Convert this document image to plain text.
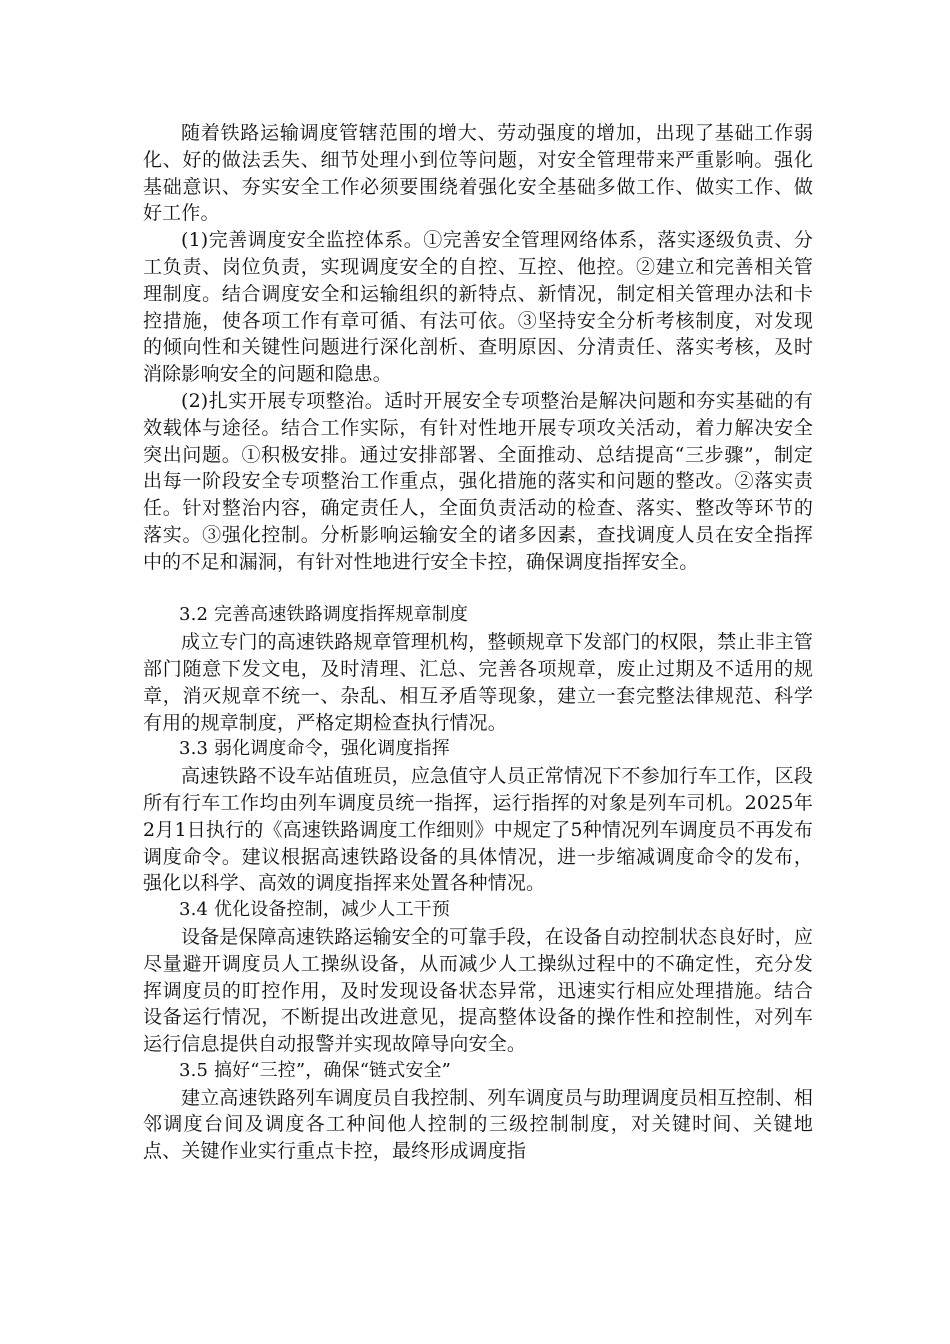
随着铁路运输调度管辖范围的增大、劳动强度的增加，出现了基础工作弱化、好的做法丢失、细节处理小到位等问题，对安全管理带来严重影响。强化基础意识、夯实安全工作必须要围绕着强化安全基础多做工作、做实工作、做好工作。

(1)完善调度安全监控体系。①完善安全管理网络体系，落实逐级负责、分工负责、岗位负责，实现调度安全的自控、互控、他控。②建立和完善相关管理制度。结合调度安全和运输组织的新特点、新情况，制定相关管理办法和卡控措施，使各项工作有章可循、有法可依。③坚持安全分析考核制度，对发现的倾向性和关键性问题进行深化剖析、查明原因、分清责任、落实考核，及时消除影响安全的问题和隐患。

(2)扎实开展专项整治。适时开展安全专项整治是解决问题和夯实基础的有效载体与途径。结合工作实际，有针对性地开展专项攻关活动，着力解决安全突出问题。①积极安排。通过安排部署、全面推动、总结提高“三步骤”，制定出每一阶段安全专项整治工作重点，强化措施的落实和问题的整改。②落实责任。针对整治内容，确定责任人，全面负责活动的检查、落实、整改等环节的落实。③强化控制。分析影响运输安全的诸多因素，查找调度人员在安全指挥中的不足和漏洞，有针对性地进行安全卡控，确保调度指挥安全。

3.2 完善高速铁路调度指挥规章制度

成立专门的高速铁路规章管理机构，整顿规章下发部门的权限，禁止非主管部门随意下发文电，及时清理、汇总、完善各项规章，废止过期及不适用的规章，消灭规章不统一、杂乱、相互矛盾等现象，建立一套完整法律规范、科学有用的规章制度，严格定期检查执行情况。

3.3 弱化调度命令，强化调度指挥

高速铁路不设车站值班员，应急值守人员正常情况下不参加行车工作，区段所有行车工作均由列车调度员统一指挥，运行指挥的对象是列车司机。2025年2月1日执行的《高速铁路调度工作细则》中规定了5种情况列车调度员不再发布调度命令。建议根据高速铁路设备的具体情况，进一步缩减调度命令的发布，强化以科学、高效的调度指挥来处置各种情况。

3.4 优化设备控制，减少人工干预

设备是保障高速铁路运输安全的可靠手段，在设备自动控制状态良好时，应尽量避开调度员人工操纵设备，从而减少人工操纵过程中的不确定性，充分发挥调度员的盯控作用，及时发现设备状态异常，迅速实行相应处理措施。结合设备运行情况，不断提出改进意见，提高整体设备的操作性和控制性，对列车运行信息提供自动报警并实现故障导向安全。

3.5 搞好“三控”，确保“链式安全”

建立高速铁路列车调度员自我控制、列车调度员与助理调度员相互控制、相邻调度台间及调度各工种间他人控制的三级控制制度，对关键时间、关键地点、关键作业实行重点卡控，最终形成调度指
